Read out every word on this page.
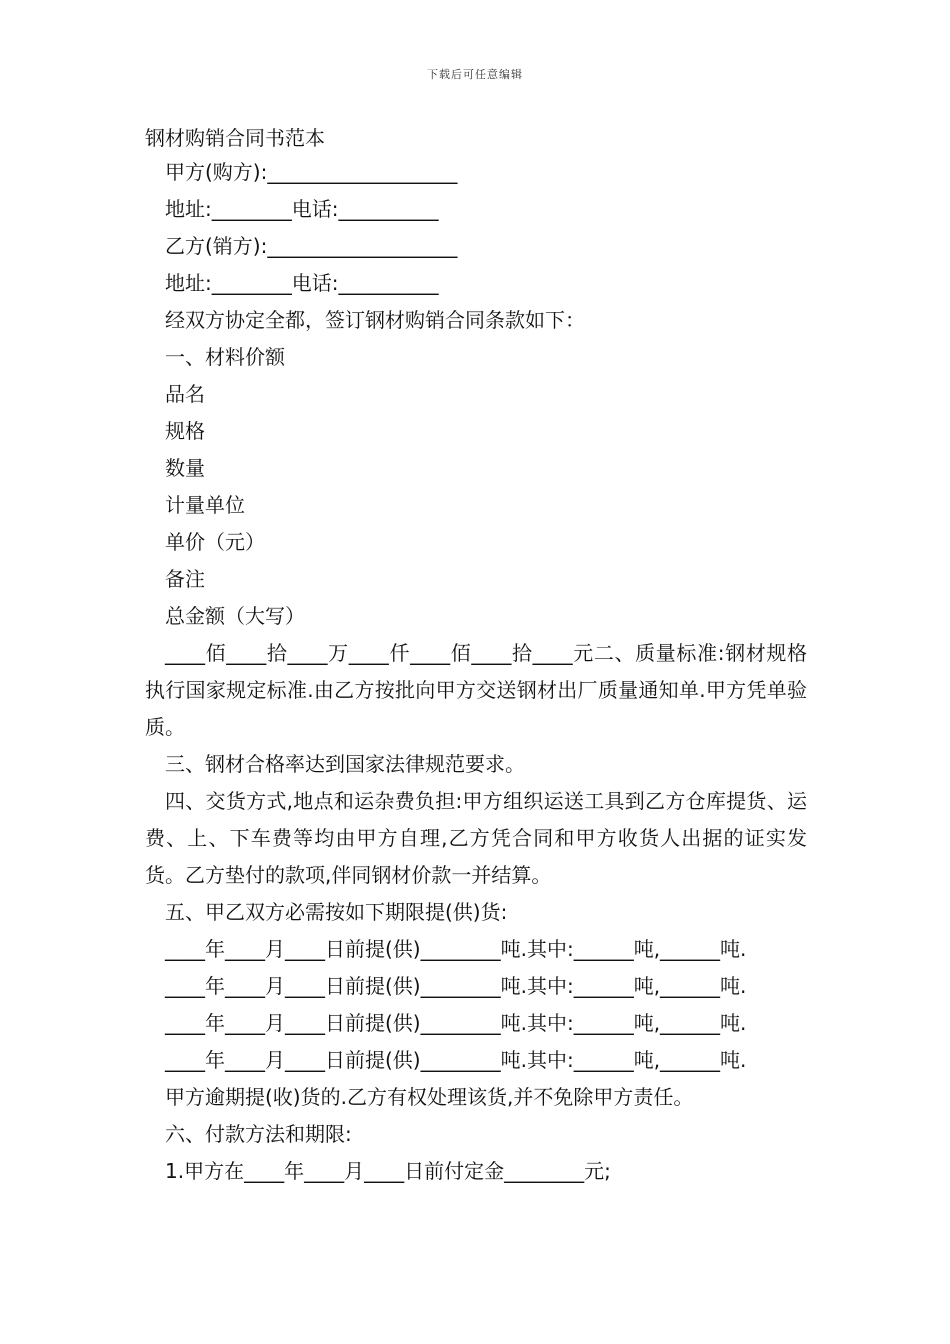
下载后可任意编辑
钢材购销合同书范本

甲方(购方):___________________

地址:________电话:__________

乙方(销方):___________________

地址:________电话:__________

经双方协定全都，签订钢材购销合同条款如下：

一、材料价额

品名

规格

数量

计量单位

单价（元）

备注

总金额（大写）

____佰____拾____万____仟____佰____拾____元二、质量标准:钢材规格执行国家规定标准.由乙方按批向甲方交送钢材出厂质量通知单.甲方凭单验质。

三、钢材合格率达到国家法律规范要求。

四、交货方式,地点和运杂费负担:甲方组织运送工具到乙方仓库提货、运费、上、下车费等均由甲方自理,乙方凭合同和甲方收货人出据的证实发货。乙方垫付的款项,伴同钢材价款一并结算。

五、甲乙双方必需按如下期限提(供)货:

____年____月____日前提(供)________吨.其中:______吨,______吨.

____年____月____日前提(供)________吨.其中:______吨,______吨.

____年____月____日前提(供)________吨.其中:______吨,______吨.

____年____月____日前提(供)________吨.其中:______吨,______吨.

甲方逾期提(收)货的.乙方有权处理该货,并不免除甲方责任。

六、付款方法和期限:

1.甲方在____年____月____日前付定金________元;
